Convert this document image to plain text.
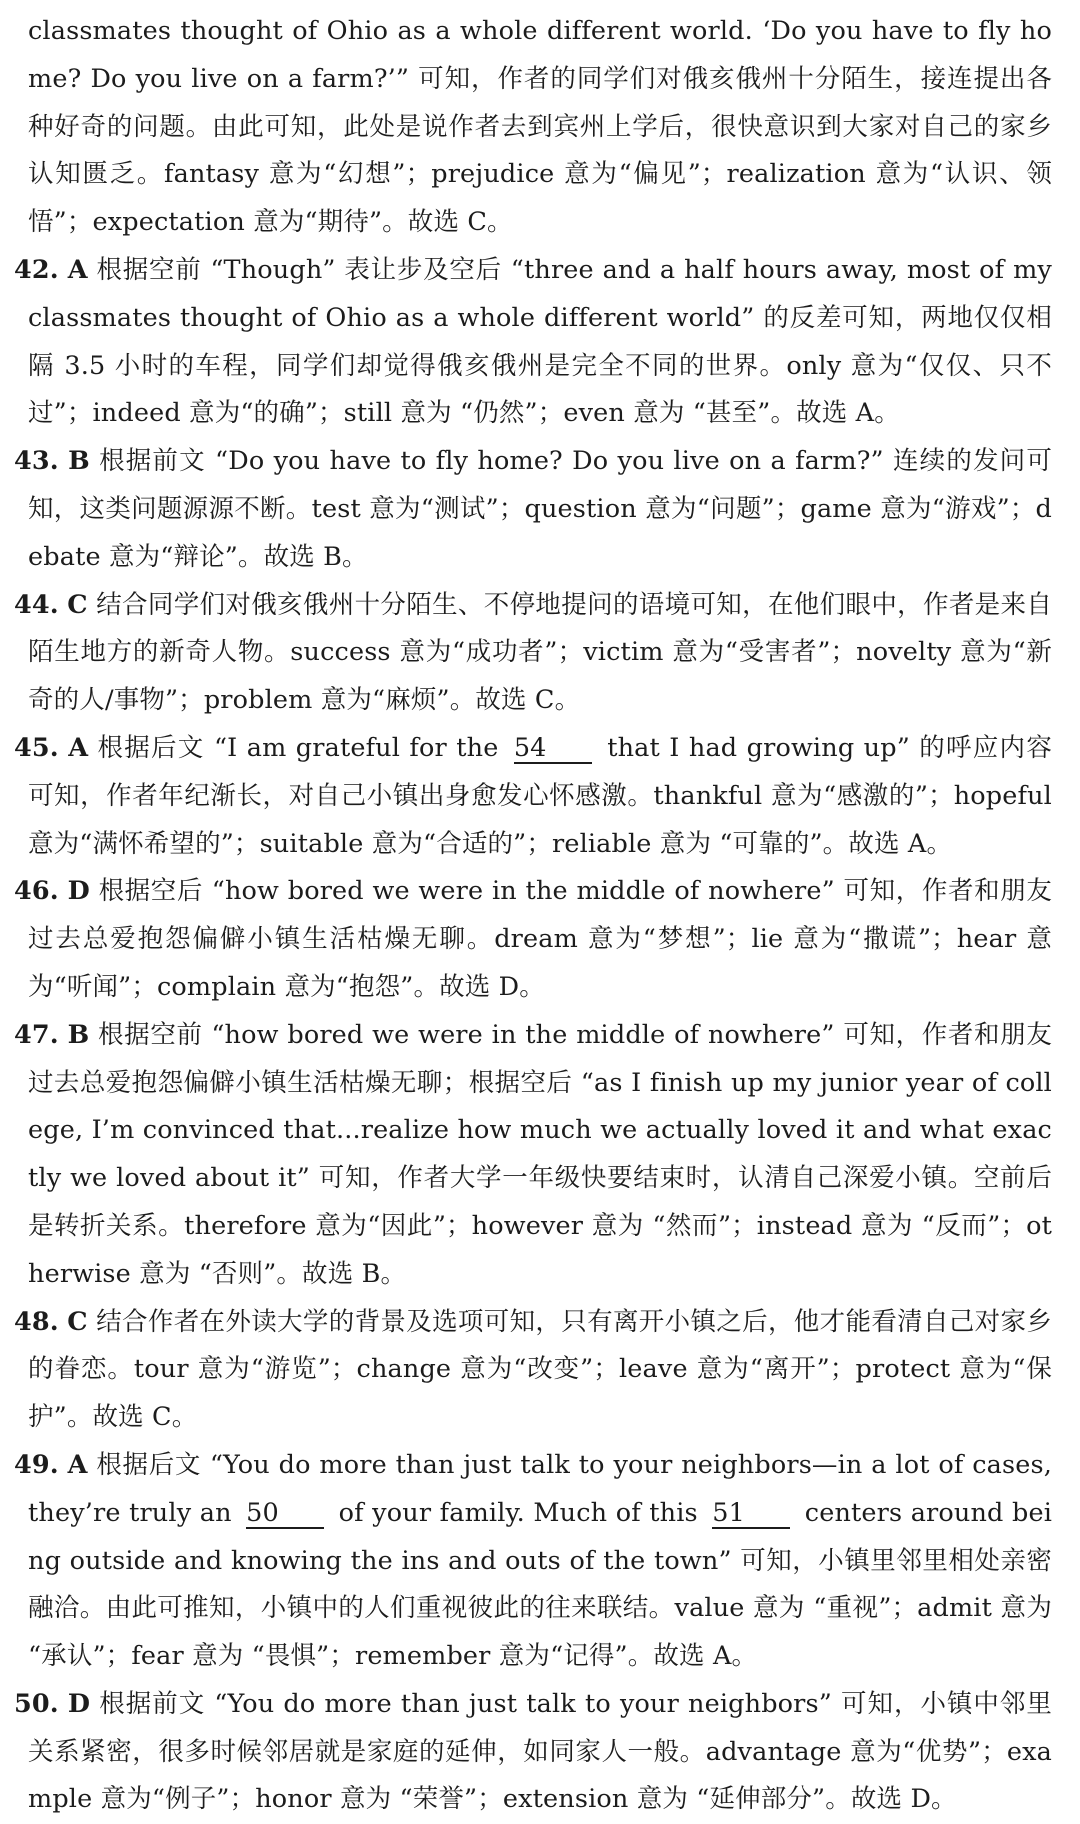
classmates thought of Ohio as a whole different world. ‘Do you have to fly home? Do you live on a farm?’” 可知，作者的同学们对俄亥俄州十分陌生，接连提出各种好奇的问题。由此可知，此处是说作者去到宾州上学后，很快意识到大家对自己的家乡认知匮乏。fantasy 意为“幻想”；prejudice 意为“偏见”；realization 意为“认识、领悟”；expectation 意为“期待”。故选 C。

42. A 根据空前 “Though” 表让步及空后 “three and a half hours away, most of my classmates thought of Ohio as a whole different world” 的反差可知，两地仅仅相隔 3.5 小时的车程，同学们却觉得俄亥俄州是完全不同的世界。only 意为“仅仅、只不过”；indeed 意为“的确”；still 意为 “仍然”；even 意为 “甚至”。故选 A。

43. B 根据前文 “Do you have to fly home? Do you live on a farm?” 连续的发问可知，这类问题源源不断。test 意为“测试”；question 意为“问题”；game 意为“游戏”；debate 意为“辩论”。故选 B。

44. C 结合同学们对俄亥俄州十分陌生、不停地提问的语境可知，在他们眼中，作者是来自陌生地方的新奇人物。success 意为“成功者”；victim 意为“受害者”；novelty 意为“新奇的人/事物”；problem 意为“麻烦”。故选 C。

45. A 根据后文 “I am grateful for the 54 that I had growing up” 的呼应内容可知，作者年纪渐长，对自己小镇出身愈发心怀感激。thankful 意为“感激的”；hopeful 意为“满怀希望的”；suitable 意为“合适的”；reliable 意为 “可靠的”。故选 A。

46. D 根据空后 “how bored we were in the middle of nowhere” 可知，作者和朋友过去总爱抱怨偏僻小镇生活枯燥无聊。dream 意为“梦想”；lie 意为“撒谎”；hear 意为“听闻”；complain 意为“抱怨”。故选 D。

47. B 根据空前 “how bored we were in the middle of nowhere” 可知，作者和朋友过去总爱抱怨偏僻小镇生活枯燥无聊；根据空后 “as I finish up my junior year of college, I’m convinced that...realize how much we actually loved it and what exactly we loved about it” 可知，作者大学一年级快要结束时，认清自己深爱小镇。空前后是转折关系。therefore 意为“因此”；however 意为 “然而”；instead 意为 “反而”；otherwise 意为 “否则”。故选 B。

48. C 结合作者在外读大学的背景及选项可知，只有离开小镇之后，他才能看清自己对家乡的眷恋。tour 意为“游览”；change 意为“改变”；leave 意为“离开”；protect 意为“保护”。故选 C。

49. A 根据后文 “You do more than just talk to your neighbors—in a lot of cases, they’re truly an 50 of your family. Much of this 51 centers around being outside and knowing the ins and outs of the town” 可知，小镇里邻里相处亲密融洽。由此可推知，小镇中的人们重视彼此的往来联结。value 意为 “重视”；admit 意为 “承认”；fear 意为 “畏惧”；remember 意为“记得”。故选 A。

50. D 根据前文 “You do more than just talk to your neighbors” 可知，小镇中邻里关系紧密，很多时候邻居就是家庭的延伸，如同家人一般。advantage 意为“优势”；example 意为“例子”；honor 意为 “荣誉”；extension 意为 “延伸部分”。故选 D。
